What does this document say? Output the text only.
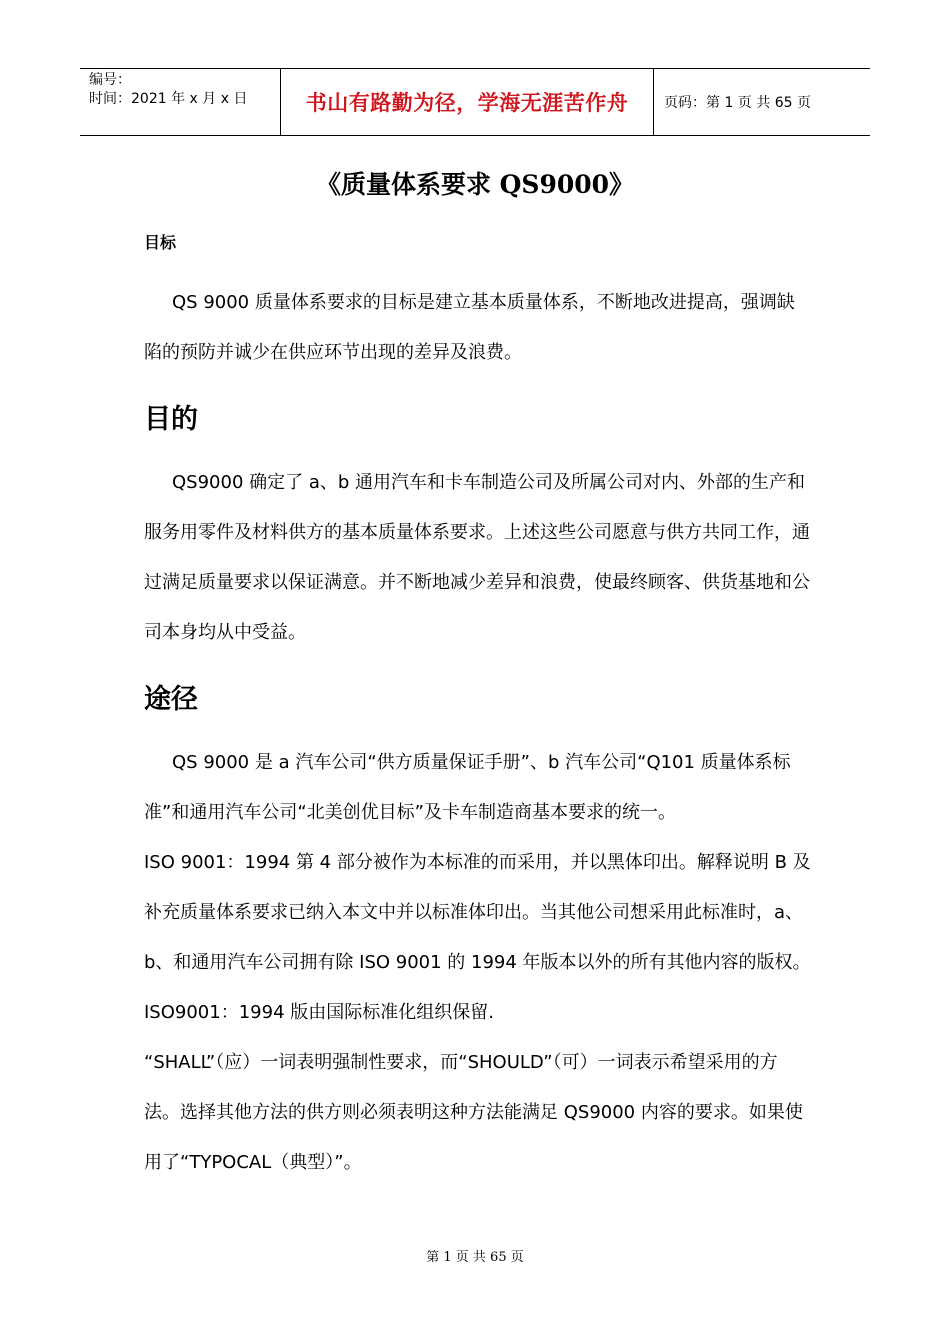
编号：
时间：2021 年 x 月 x 日	书山有路勤为径，学海无涯苦作舟	页码：第 1 页 共 65 页
《质量体系要求 QS9000》
目标

QS 9000 质量体系要求的目标是建立基本质量体系，不断地改进提高，强调缺陷的预防并诚少在供应环节出现的差异及浪费。

目的

QS9000 确定了 a、b 通用汽车和卡车制造公司及所属公司对内、外部的生产和服务用零件及材料供方的基本质量体系要求。上述这些公司愿意与供方共同工作，通过满足质量要求以保证满意。并不断地减少差异和浪费，使最终顾客、供货基地和公司本身均从中受益。

途径

QS 9000 是 a 汽车公司“供方质量保证手册”、b 汽车公司“Q101 质量体系标准”和通用汽车公司“北美创优目标”及卡车制造商基本要求的统一。

ISO 9001：1994 第 4 部分被作为本标准的而采用，并以黑体印出。解释说明 B 及补充质量体系要求已纳入本文中并以标准体印出。当其他公司想采用此标准时，a、b、和通用汽车公司拥有除 ISO 9001 的 1994 年版本以外的所有其他内容的版权。ISO9001：1994 版由国际标准化组织保留.

“SHALL”（应）一词表明强制性要求，而“SHOULD”（可）一词表示希望采用的方法。选择其他方法的供方则必须表明这种方法能满足 QS9000 内容的要求。如果使用了“TYPOCAL（典型）”。

第 1 页 共 65 页
